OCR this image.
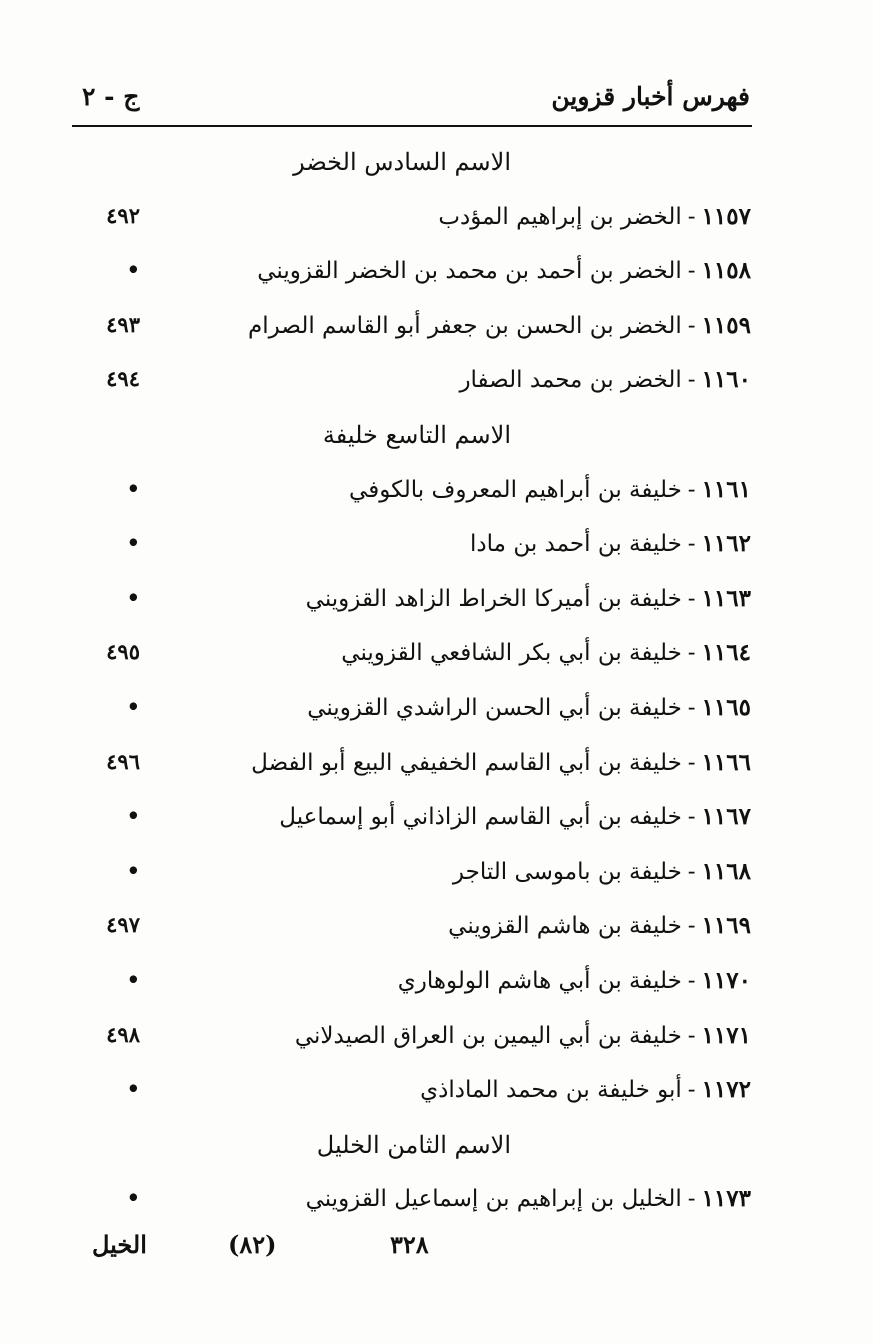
فهرس أخبار قزوين
ج - ٢
الاسم السادس الخضر
١١٥٧-الخضر بن إبراهيم المؤدب
٤٩٢
١١٥٨-الخضر بن أحمد بن محمد بن الخضر القزويني
•
١١٥٩-الخضر بن الحسن بن جعفر أبو القاسم الصرام
٤٩٣
١١٦٠-الخضر بن محمد الصفار
٤٩٤
الاسم التاسع خليفة
١١٦١-خليفة بن أبراهيم المعروف بالكوفي
•
١١٦٢-خليفة بن أحمد بن مادا
•
١١٦٣-خليفة بن أميركا الخراط الزاهد القزويني
•
١١٦٤-خليفة بن أبي بكر الشافعي القزويني
٤٩٥
١١٦٥-خليفة بن أبي الحسن الراشدي القزويني
•
١١٦٦-خليفة بن أبي القاسم الخفيفي البيع أبو الفضل
٤٩٦
١١٦٧-خليفه بن أبي القاسم الزاذاني أبو إسماعيل
•
١١٦٨-خليفة بن باموسى التاجر
•
١١٦٩-خليفة بن هاشم القزويني
٤٩٧
١١٧٠-خليفة بن أبي هاشم الولوهاري
•
١١٧١-خليفة بن أبي اليمين بن العراق الصيدلاني
٤٩٨
١١٧٢-أبو خليفة بن محمد الماداذي
•
الاسم الثامن الخليل
١١٧٣-الخليل بن إبراهيم بن إسماعيل القزويني
•
الخيل	(٨٢)	٣٢٨
